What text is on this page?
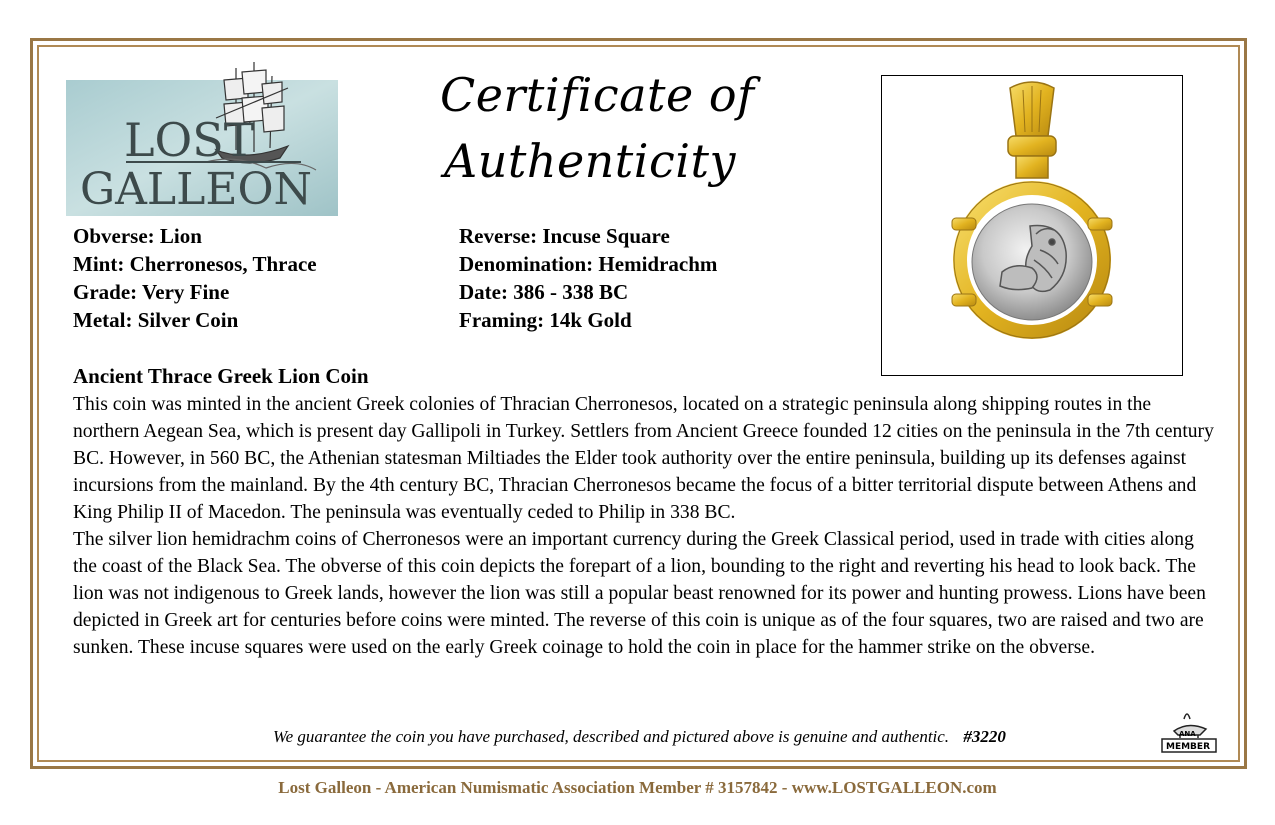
LOST
GALLEON
Certificate of
Authenticity
Obverse: Lion
Mint: Cherronesos, Thrace
Grade: Very Fine
Metal: Silver Coin
Reverse: Incuse Square
Denomination: Hemidrachm
Date: 386 - 338 BC
Framing: 14k Gold
Ancient Thrace Greek Lion Coin

This coin was minted in the ancient Greek colonies of Thracian Cherronesos, located on a strategic peninsula along shipping routes in the northern Aegean Sea, which is present day Gallipoli in Turkey. Settlers from Ancient Greece founded 12 cities on the peninsula in the 7th century BC. However, in 560 BC, the Athenian statesman Miltiades the Elder took authority over the entire peninsula, building up its defenses against incursions from the mainland. By the 4th century BC, Thracian Cherronesos became the focus of a bitter territorial dispute between Athens and King Philip II of Macedon. The peninsula was eventually ceded to Philip in 338 BC.

The silver lion hemidrachm coins of Cherronesos were an important currency during the Greek Classical period, used in trade with cities along the coast of the Black Sea. The obverse of this coin depicts the forepart of a lion, bounding to the right and reverting his head to look back. The lion was not indigenous to Greek lands, however the lion was still a popular beast renowned for its power and hunting prowess. Lions have been depicted in Greek art for centuries before coins were minted. The reverse of this coin is unique as of the four squares, two are raised and two are sunken. These incuse squares were used on the early Greek coinage to hold the coin in place for the hammer strike on the obverse.

We guarantee the coin you have purchased, described and pictured above is genuine and authentic. #3220	ANA
MEMBER
Lost Galleon - American Numismatic Association Member # 3157842 - www.LOSTGALLEON.com
